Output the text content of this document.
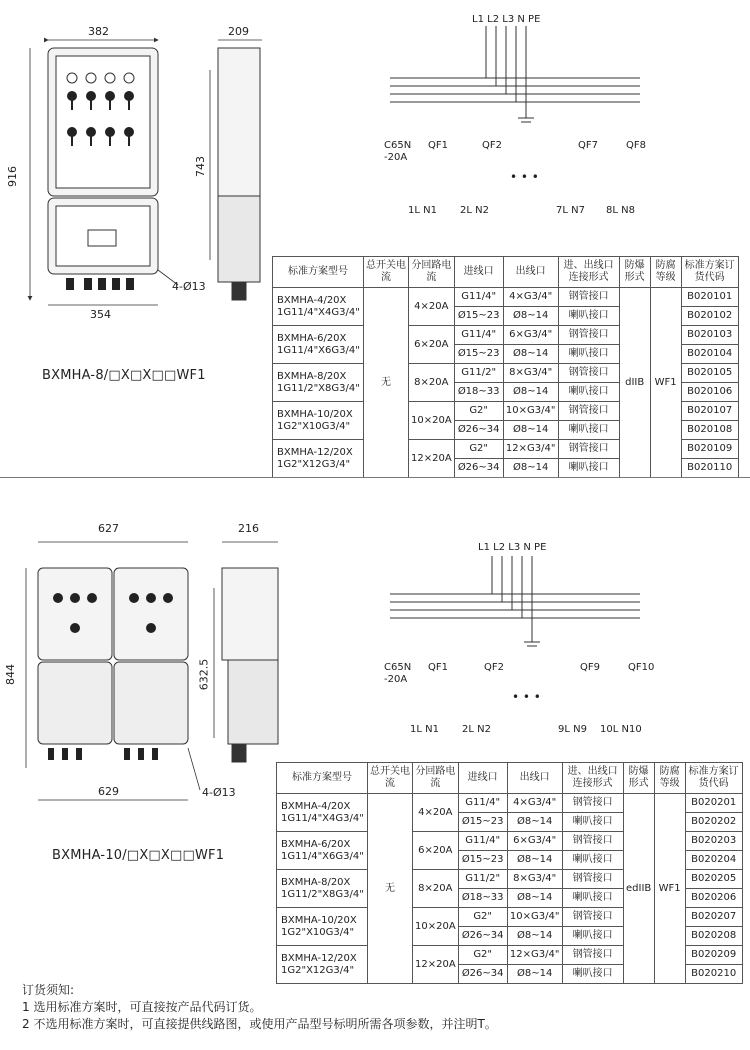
382	209
916	743
354
4-Ø13
BXMHA-8/□X□X□□WF1
L1 L2 L3 N PE
C65N
-20A
QF1	QF2	QF7	QF8
• • •
1L N1 2L N2	7L N7 8L N8
标准方案型号	总开关电流	分回路电流	进线口	出线口	进、出线口连接形式	防爆形式	防腐等级	标准方案订货代码

BXMHA-4/20X
1G11/4"X4G3/4"	无	4×20A	G11/4"	4×G3/4"	钢管接口	dIIB	WF1	B020101
			Ø15~23	Ø8~14	喇叭接口			B020102

BXMHA-6/20X
1G11/4"X6G3/4"		6×20A	G11/4"	6×G3/4"	钢管接口			B020103
			Ø15~23	Ø8~14	喇叭接口			B020104

BXMHA-8/20X
1G11/2"X8G3/4"		8×20A	G11/2"	8×G3/4"	钢管接口			B020105
			Ø18~33	Ø8~14	喇叭接口			B020106

BXMHA-10/20X
1G2"X10G3/4"		10×20A	G2"	10×G3/4"	钢管接口			B020107
			Ø26~34	Ø8~14	喇叭接口			B020108

BXMHA-12/20X
1G2"X12G3/4"		12×20A	G2"	12×G3/4"	钢管接口			B020109
			Ø26~34	Ø8~14	喇叭接口			B020110
627	216
844	632.5
629	4-Ø13
BXMHA-10/□X□X□□WF1
L1 L2 L3 N PE
C65N
-20A
QF1	QF2	QF9	QF10
• • •
1L N1 2L N2	9L N9 10L N10
标准方案型号	总开关电流	分回路电流	进线口	出线口	进、出线口连接形式	防爆形式	防腐等级	标准方案订货代码

BXMHA-4/20X
1G11/4"X4G3/4"	无	4×20A	G11/4"	4×G3/4"	钢管接口	edIIB	WF1	B020201
			Ø15~23	Ø8~14	喇叭接口			B020202

BXMHA-6/20X
1G11/4"X6G3/4"		6×20A	G11/4"	6×G3/4"	钢管接口			B020203
			Ø15~23	Ø8~14	喇叭接口			B020204

BXMHA-8/20X
1G11/2"X8G3/4"		8×20A	G11/2"	8×G3/4"	钢管接口			B020205
			Ø18~33	Ø8~14	喇叭接口			B020206

BXMHA-10/20X
1G2"X10G3/4"		10×20A	G2"	10×G3/4"	钢管接口			B020207
			Ø26~34	Ø8~14	喇叭接口			B020208

BXMHA-12/20X
1G2"X12G3/4"		12×20A	G2"	12×G3/4"	钢管接口			B020209
			Ø26~34	Ø8~14	喇叭接口			B020210
订货须知:
1 选用标准方案时，可直接按产品代码订货。
2 不选用标准方案时，可直接提供线路图，或使用产品型号标明所需各项参数，并注明T。
